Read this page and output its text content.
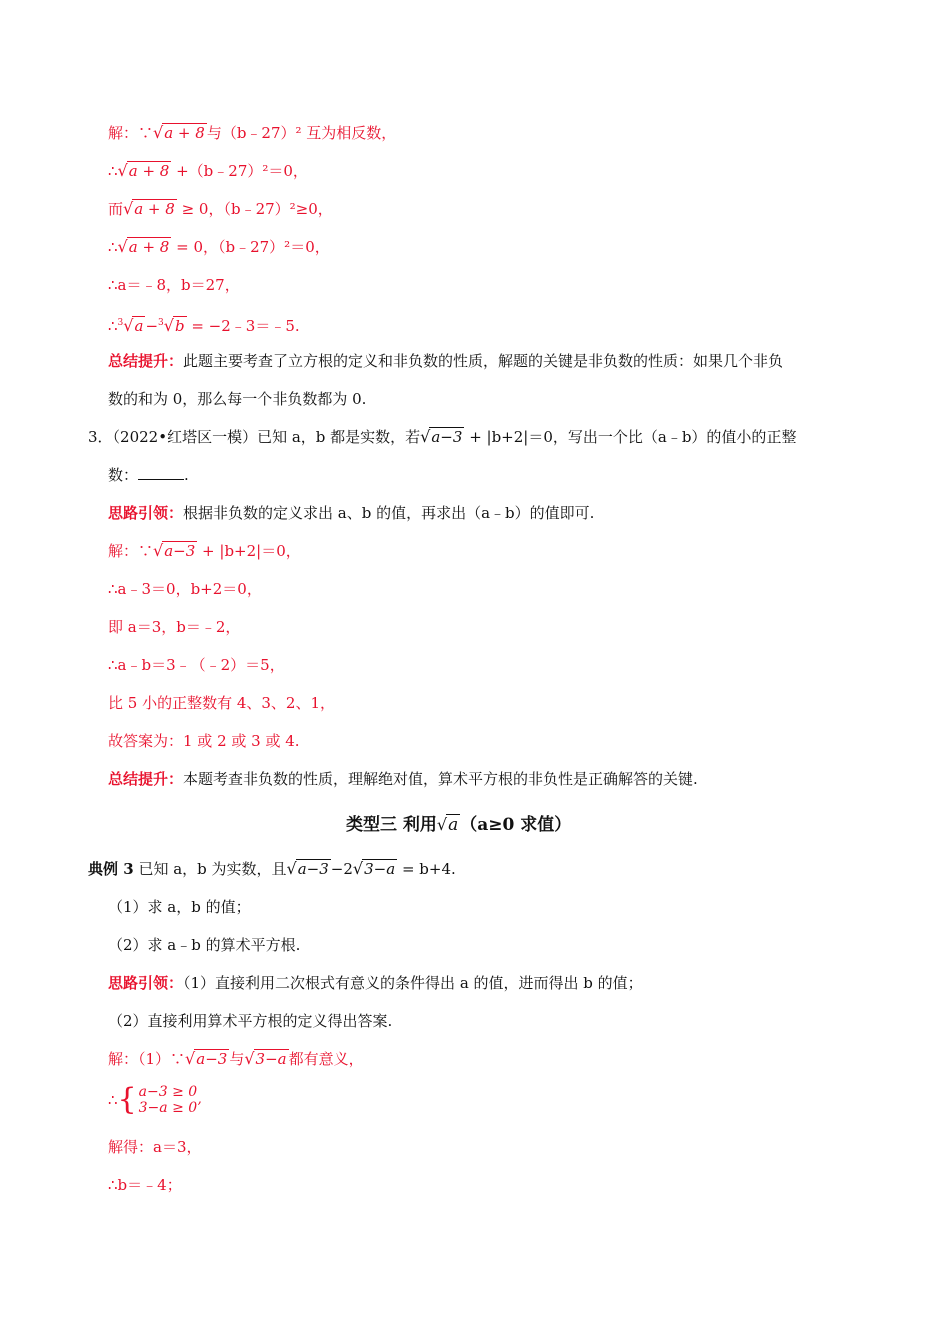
解：∵√a + 8 与（b﹣27）² 互为相反数，
∴√a + 8 +（b﹣27）²＝0，
而√a + 8 ≥ 0，（b﹣27）²≥0，
∴√a + 8 = 0，（b﹣27）²＝0，
∴a＝﹣8，b＝27，
∴$^3$√a −$^3$√b = −2﹣3＝﹣5.
总结提升：此题主要考查了立方根的定义和非负数的性质，解题的关键是非负数的性质：如果几个非负
数的和为 0，那么每一个非负数都为 0.
3．（2022•红塔区一模）已知 a，b 都是实数，若√a−3 + |b+2|＝0，写出一个比（a﹣b）的值小的正整
数：	.
思路引领：根据非负数的定义求出 a、b 的值，再求出（a﹣b）的值即可.
解：∵√a−3 + |b+2|＝0，
∴a﹣3＝0，b+2＝0，
即 a＝3，b＝﹣2，
∴a﹣b＝3﹣（﹣2）＝5，
比 5 小的正整数有 4、3、2、1，
故答案为：1 或 2 或 3 或 4.
总结提升：本题考查非负数的性质，理解绝对值，算术平方根的非负性是正确解答的关键.
类型三 利用√a （a≥0 求值）
典例 3 已知 a，b 为实数，且√a−3 −2√3−a = b+4.
（1）求 a，b 的值；
（2）求 a﹣b 的算术平方根.
思路引领：（1）直接利用二次根式有意义的条件得出 a 的值，进而得出 b 的值；
（2）直接利用算术平方根的定义得出答案.
解：（1）∵√a−3 与√3−a 都有意义，
∴{ a−3 ≥ 0
3−a ≥ 0’
解得：a＝3，
∴b＝﹣4；
